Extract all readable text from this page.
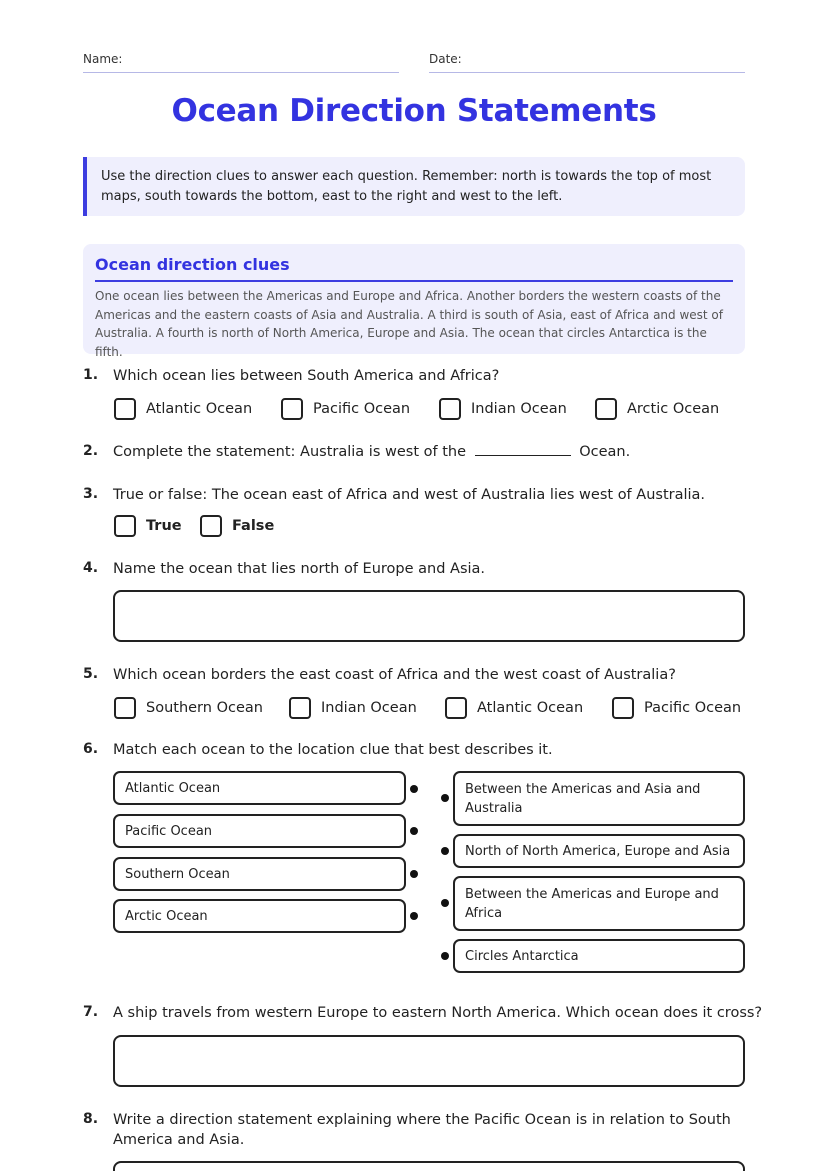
Name:	Date:
Ocean Direction Statements
Use the direction clues to answer each question. Remember: north is towards the top of most maps, south towards the bottom, east to the right and west to the left.
Ocean direction clues
One ocean lies between the Americas and Europe and Africa. Another borders the western coasts of the Americas and the eastern coasts of Asia and Australia. A third is south of Asia, east of Africa and west of Australia. A fourth is north of North America, Europe and Asia. The ocean that circles Antarctica is the fifth.
1. Which ocean lies between South America and Africa?
Atlantic Ocean	Pacific Ocean	Indian Ocean	Arctic Ocean
2. Complete the statement: Australia is west of the	Ocean.
3. True or false: The ocean east of Africa and west of Australia lies west of Australia.
True	False
4. Name the ocean that lies north of Europe and Asia.
5. Which ocean borders the east coast of Africa and the west coast of Australia?
Southern Ocean	Indian Ocean	Atlantic Ocean	Pacific Ocean
6. Match each ocean to the location clue that best describes it.
Atlantic Ocean
Pacific Ocean
Southern Ocean
Arctic Ocean
Between the Americas and Asia and Australia
North of North America, Europe and Asia
Between the Americas and Europe and Africa
Circles Antarctica
7. A ship travels from western Europe to eastern North America. Which ocean does it cross?
8. Write a direction statement explaining where the Pacific Ocean is in relation to South America and Asia.
